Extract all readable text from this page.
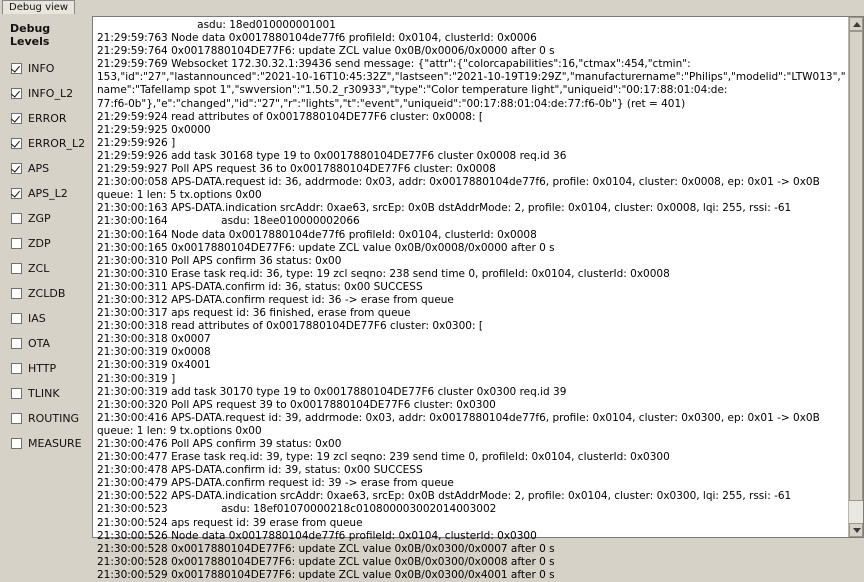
Debug view
Debug Levels
INFO
INFO_L2
ERROR
ERROR_L2
APS
APS_L2
ZGP
ZDP
ZCL
ZCLDB
IAS
OTA
HTTP
TLINK
ROUTING
MEASURE
asdu: 18ed010000001001
21:29:59:763 Node data 0x0017880104de77f6 profileId: 0x0104, clusterId: 0x0006
21:29:59:764 0x0017880104DE77F6: update ZCL value 0x0B/0x0006/0x0000 after 0 s
21:29:59:769 Websocket 172.30.32.1:39436 send message: {"attr":{"colorcapabilities":16,"ctmax":454,"ctmin":
153,"id":"27","lastannounced":"2021-10-16T10:45:32Z","lastseen":"2021-10-19T19:29Z","manufacturername":"Philips","modelid":"LTW013","
name":"Tafellamp spot 1","swversion":"1.50.2_r30933","type":"Color temperature light","uniqueid":"00:17:88:01:04:de:
77:f6-0b"},"e":"changed","id":"27","r":"lights","t":"event","uniqueid":"00:17:88:01:04:de:77:f6-0b"} (ret = 401)
21:29:59:924 read attributes of 0x0017880104DE77F6 cluster: 0x0008: [
21:29:59:925 0x0000
21:29:59:926 ]
21:29:59:926 add task 30168 type 19 to 0x0017880104DE77F6 cluster 0x0008 req.id 36
21:29:59:927 Poll APS request 36 to 0x0017880104DE77F6 cluster: 0x0008
21:30:00:058 APS-DATA.request id: 36, addrmode: 0x03, addr: 0x0017880104de77f6, profile: 0x0104, cluster: 0x0008, ep: 0x01 -> 0x0B
queue: 1 len: 5 tx.options 0x00
21:30:00:163 APS-DATA.indication srcAddr: 0xae63, srcEp: 0x0B dstAddrMode: 2, profile: 0x0104, cluster: 0x0008, lqi: 255, rssi: -61
21:30:00:164                asdu: 18ee010000002066
21:30:00:164 Node data 0x0017880104de77f6 profileId: 0x0104, clusterId: 0x0008
21:30:00:165 0x0017880104DE77F6: update ZCL value 0x0B/0x0008/0x0000 after 0 s
21:30:00:310 Poll APS confirm 36 status: 0x00
21:30:00:310 Erase task req.id: 36, type: 19 zcl seqno: 238 send time 0, profileId: 0x0104, clusterId: 0x0008
21:30:00:311 APS-DATA.confirm id: 36, status: 0x00 SUCCESS
21:30:00:312 APS-DATA.confirm request id: 36 -> erase from queue
21:30:00:317 aps request id: 36 finished, erase from queue
21:30:00:318 read attributes of 0x0017880104DE77F6 cluster: 0x0300: [
21:30:00:318 0x0007
21:30:00:319 0x0008
21:30:00:319 0x4001
21:30:00:319 ]
21:30:00:319 add task 30170 type 19 to 0x0017880104DE77F6 cluster 0x0300 req.id 39
21:30:00:320 Poll APS request 39 to 0x0017880104DE77F6 cluster: 0x0300
21:30:00:416 APS-DATA.request id: 39, addrmode: 0x03, addr: 0x0017880104de77f6, profile: 0x0104, cluster: 0x0300, ep: 0x01 -> 0x0B
queue: 1 len: 9 tx.options 0x00
21:30:00:476 Poll APS confirm 39 status: 0x00
21:30:00:477 Erase task req.id: 39, type: 19 zcl seqno: 239 send time 0, profileId: 0x0104, clusterId: 0x0300
21:30:00:478 APS-DATA.confirm id: 39, status: 0x00 SUCCESS
21:30:00:479 APS-DATA.confirm request id: 39 -> erase from queue
21:30:00:522 APS-DATA.indication srcAddr: 0xae63, srcEp: 0x0B dstAddrMode: 2, profile: 0x0104, cluster: 0x0300, lqi: 255, rssi: -61
21:30:00:523                asdu: 18ef01070000218c010800003002014003002
21:30:00:524 aps request id: 39 erase from queue
21:30:00:526 Node data 0x0017880104de77f6 profileId: 0x0104, clusterId: 0x0300
21:30:00:528 0x0017880104DE77F6: update ZCL value 0x0B/0x0300/0x0007 after 0 s
21:30:00:528 0x0017880104DE77F6: update ZCL value 0x0B/0x0300/0x0008 after 0 s
21:30:00:529 0x0017880104DE77F6: update ZCL value 0x0B/0x0300/0x4001 after 0 s
